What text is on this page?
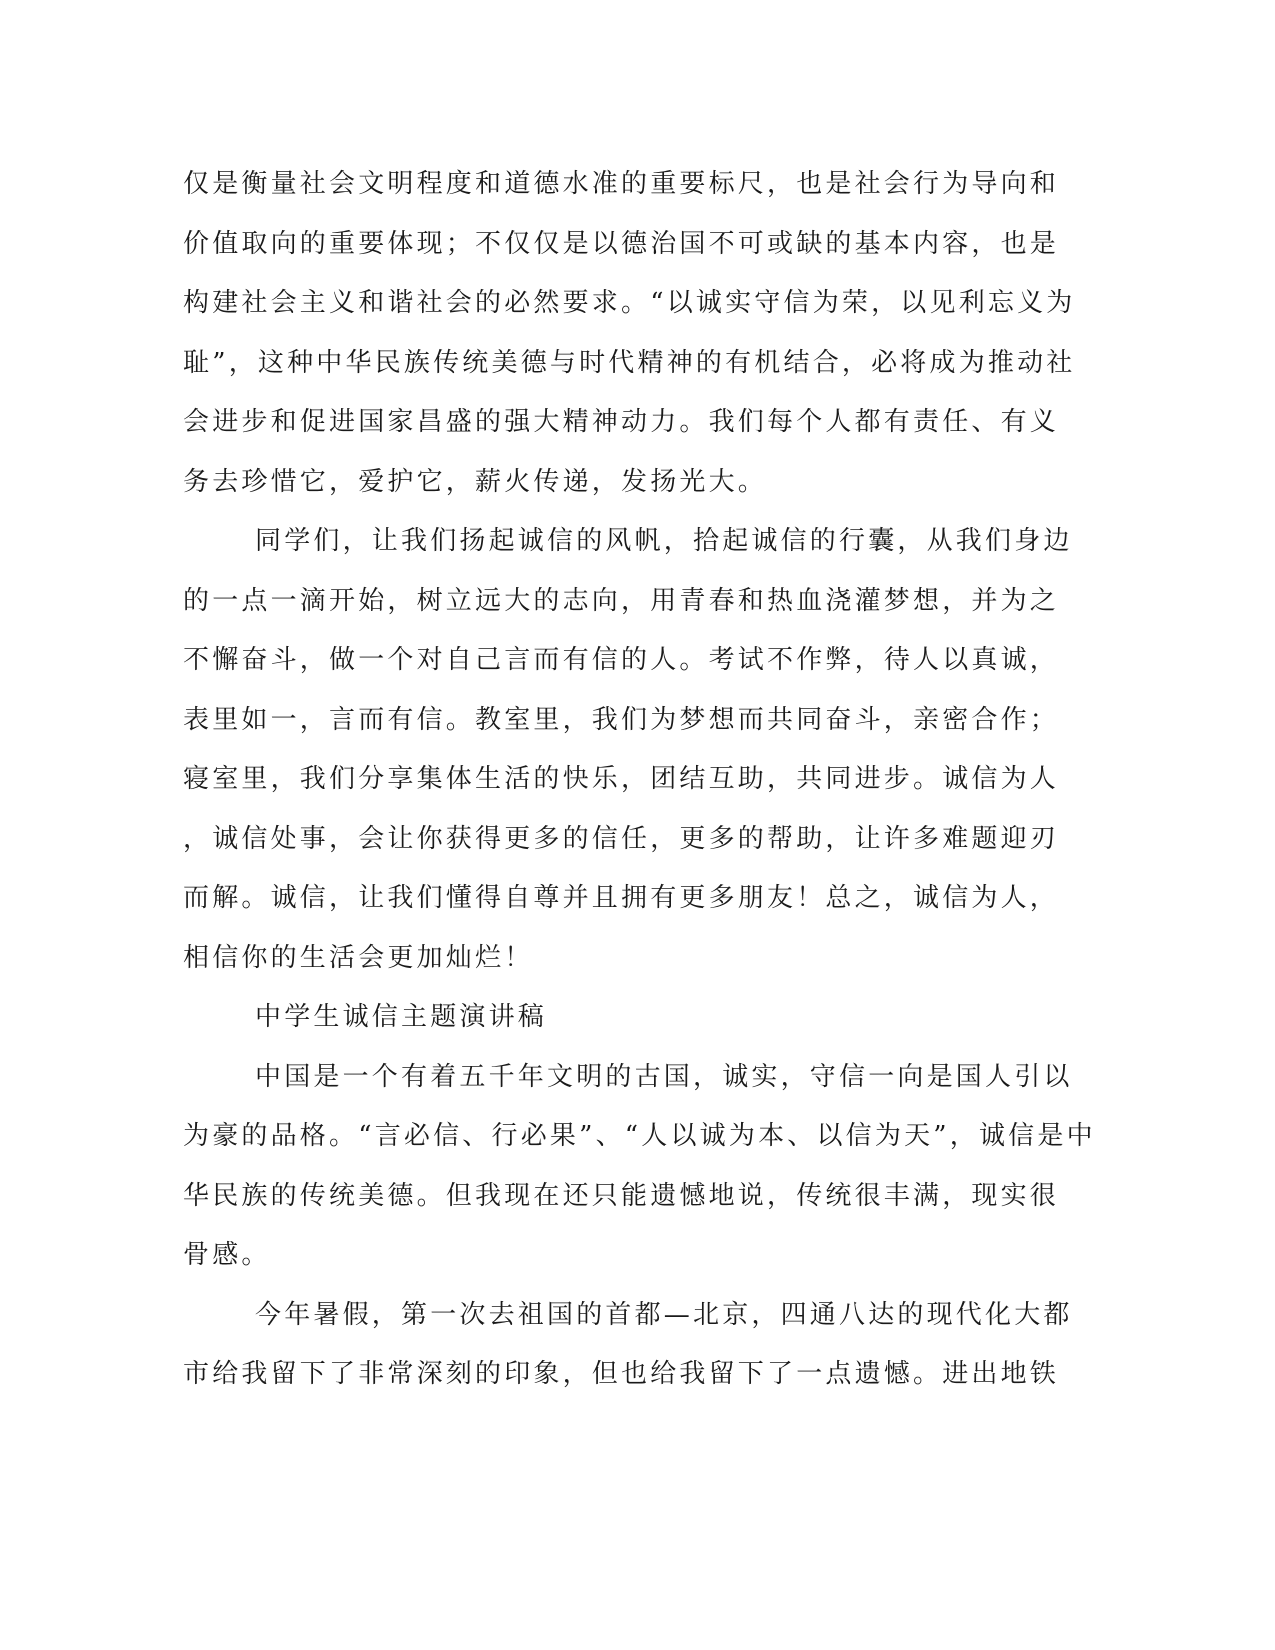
仅是衡量社会文明程度和道德水准的重要标尺，也是社会行为导向和
价值取向的重要体现；不仅仅是以德治国不可或缺的基本内容，也是
构建社会主义和谐社会的必然要求。“以诚实守信为荣，以见利忘义为
耻”，这种中华民族传统美德与时代精神的有机结合，必将成为推动社
会进步和促进国家昌盛的强大精神动力。我们每个人都有责任、有义
务去珍惜它，爱护它，薪火传递，发扬光大。
同学们，让我们扬起诚信的风帆，拾起诚信的行囊，从我们身边
的一点一滴开始，树立远大的志向，用青春和热血浇灌梦想，并为之
不懈奋斗，做一个对自己言而有信的人。考试不作弊，待人以真诚，
表里如一，言而有信。教室里，我们为梦想而共同奋斗，亲密合作；
寝室里，我们分享集体生活的快乐，团结互助，共同进步。诚信为人
，诚信处事，会让你获得更多的信任，更多的帮助，让许多难题迎刃
而解。诚信，让我们懂得自尊并且拥有更多朋友！总之，诚信为人，
相信你的生活会更加灿烂！
中学生诚信主题演讲稿
中国是一个有着五千年文明的古国，诚实，守信一向是国人引以
为豪的品格。“言必信、行必果”、“人以诚为本、以信为天”，诚信是中
华民族的传统美德。但我现在还只能遗憾地说，传统很丰满，现实很
骨感。
今年暑假，第一次去祖国的首都—北京，四通八达的现代化大都
市给我留下了非常深刻的印象，但也给我留下了一点遗憾。进出地铁
